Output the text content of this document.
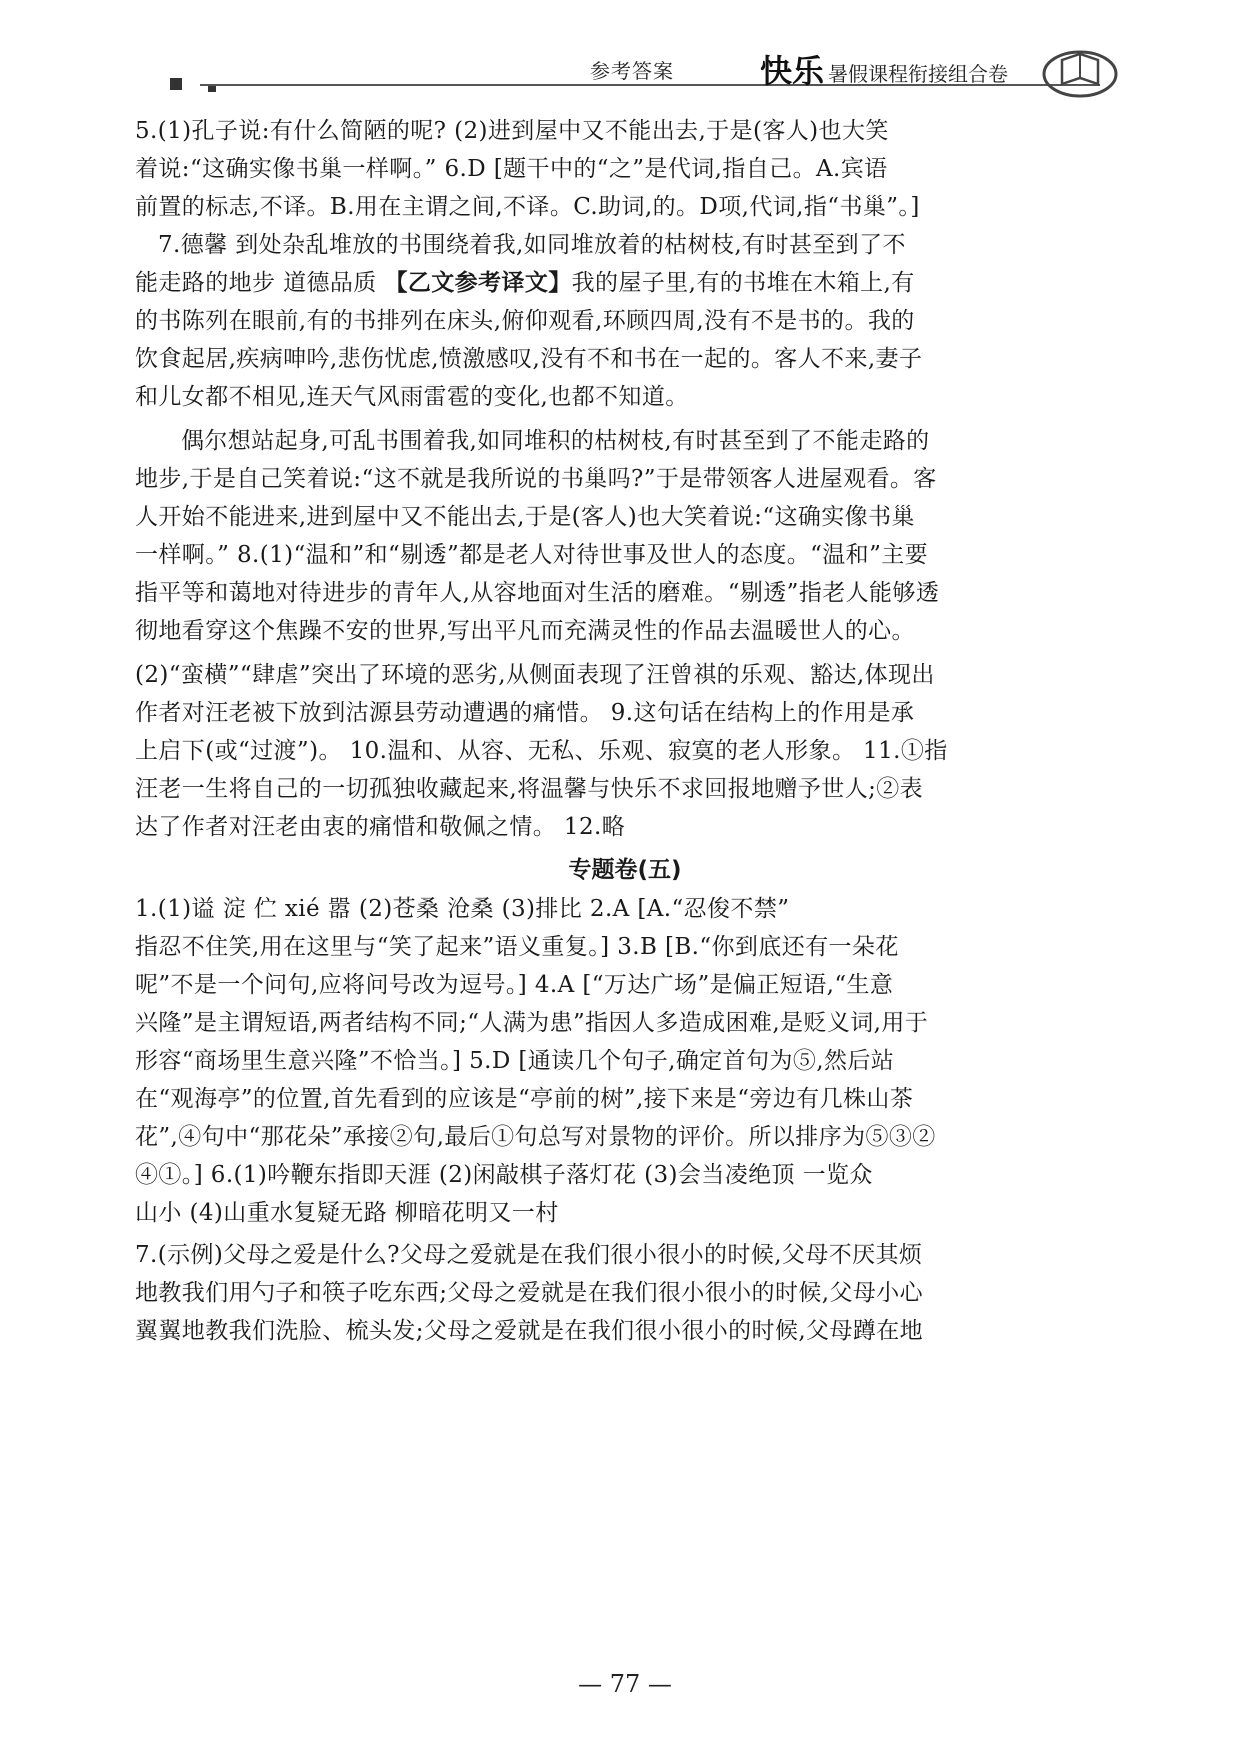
参考答案	快乐 暑假课程衔接组合卷
5.(1)孔子说:有什么简陋的呢? (2)进到屋中又不能出去,于是(客人)也大笑
着说:“这确实像书巢一样啊。” 6.D [题干中的“之”是代词,指自己。A.宾语
前置的标志,不译。B.用在主谓之间,不译。C.助词,的。D项,代词,指“书巢”。]
7.德馨 到处杂乱堆放的书围绕着我,如同堆放着的枯树枝,有时甚至到了不
能走路的地步 道德品质 【乙文参考译文】我的屋子里,有的书堆在木箱上,有
的书陈列在眼前,有的书排列在床头,俯仰观看,环顾四周,没有不是书的。我的
饮食起居,疾病呻吟,悲伤忧虑,愤激感叹,没有不和书在一起的。客人不来,妻子
和儿女都不相见,连天气风雨雷雹的变化,也都不知道。
偶尔想站起身,可乱书围着我,如同堆积的枯树枝,有时甚至到了不能走路的
地步,于是自己笑着说:“这不就是我所说的书巢吗?”于是带领客人进屋观看。客
人开始不能进来,进到屋中又不能出去,于是(客人)也大笑着说:“这确实像书巢
一样啊。” 8.(1)“温和”和“剔透”都是老人对待世事及世人的态度。“温和”主要
指平等和蔼地对待进步的青年人,从容地面对生活的磨难。“剔透”指老人能够透
彻地看穿这个焦躁不安的世界,写出平凡而充满灵性的作品去温暖世人的心。
(2)“蛮横”“肆虐”突出了环境的恶劣,从侧面表现了汪曾祺的乐观、豁达,体现出
作者对汪老被下放到沽源县劳动遭遇的痛惜。 9.这句话在结构上的作用是承
上启下(或“过渡”)。 10.温和、从容、无私、乐观、寂寞的老人形象。 11.①指
汪老一生将自己的一切孤独收藏起来,将温馨与快乐不求回报地赠予世人;②表
达了作者对汪老由衷的痛惜和敬佩之情。 12.略
专题卷(五)
1.(1)谥 淀 伫 xié 嚣 (2)苍桑 沧桑 (3)排比 2.A [A.“忍俊不禁”
指忍不住笑,用在这里与“笑了起来”语义重复。] 3.B [B.“你到底还有一朵花
呢”不是一个问句,应将问号改为逗号。] 4.A [“万达广场”是偏正短语,“生意
兴隆”是主谓短语,两者结构不同;“人满为患”指因人多造成困难,是贬义词,用于
形容“商场里生意兴隆”不恰当。] 5.D [通读几个句子,确定首句为⑤,然后站
在“观海亭”的位置,首先看到的应该是“亭前的树”,接下来是“旁边有几株山茶
花”,④句中“那花朵”承接②句,最后①句总写对景物的评价。所以排序为⑤③②
④①。] 6.(1)吟鞭东指即天涯 (2)闲敲棋子落灯花 (3)会当凌绝顶 一览众
山小 (4)山重水复疑无路 柳暗花明又一村
7.(示例)父母之爱是什么?父母之爱就是在我们很小很小的时候,父母不厌其烦
地教我们用勺子和筷子吃东西;父母之爱就是在我们很小很小的时候,父母小心
翼翼地教我们洗脸、梳头发;父母之爱就是在我们很小很小的时候,父母蹲在地
— 77 —
